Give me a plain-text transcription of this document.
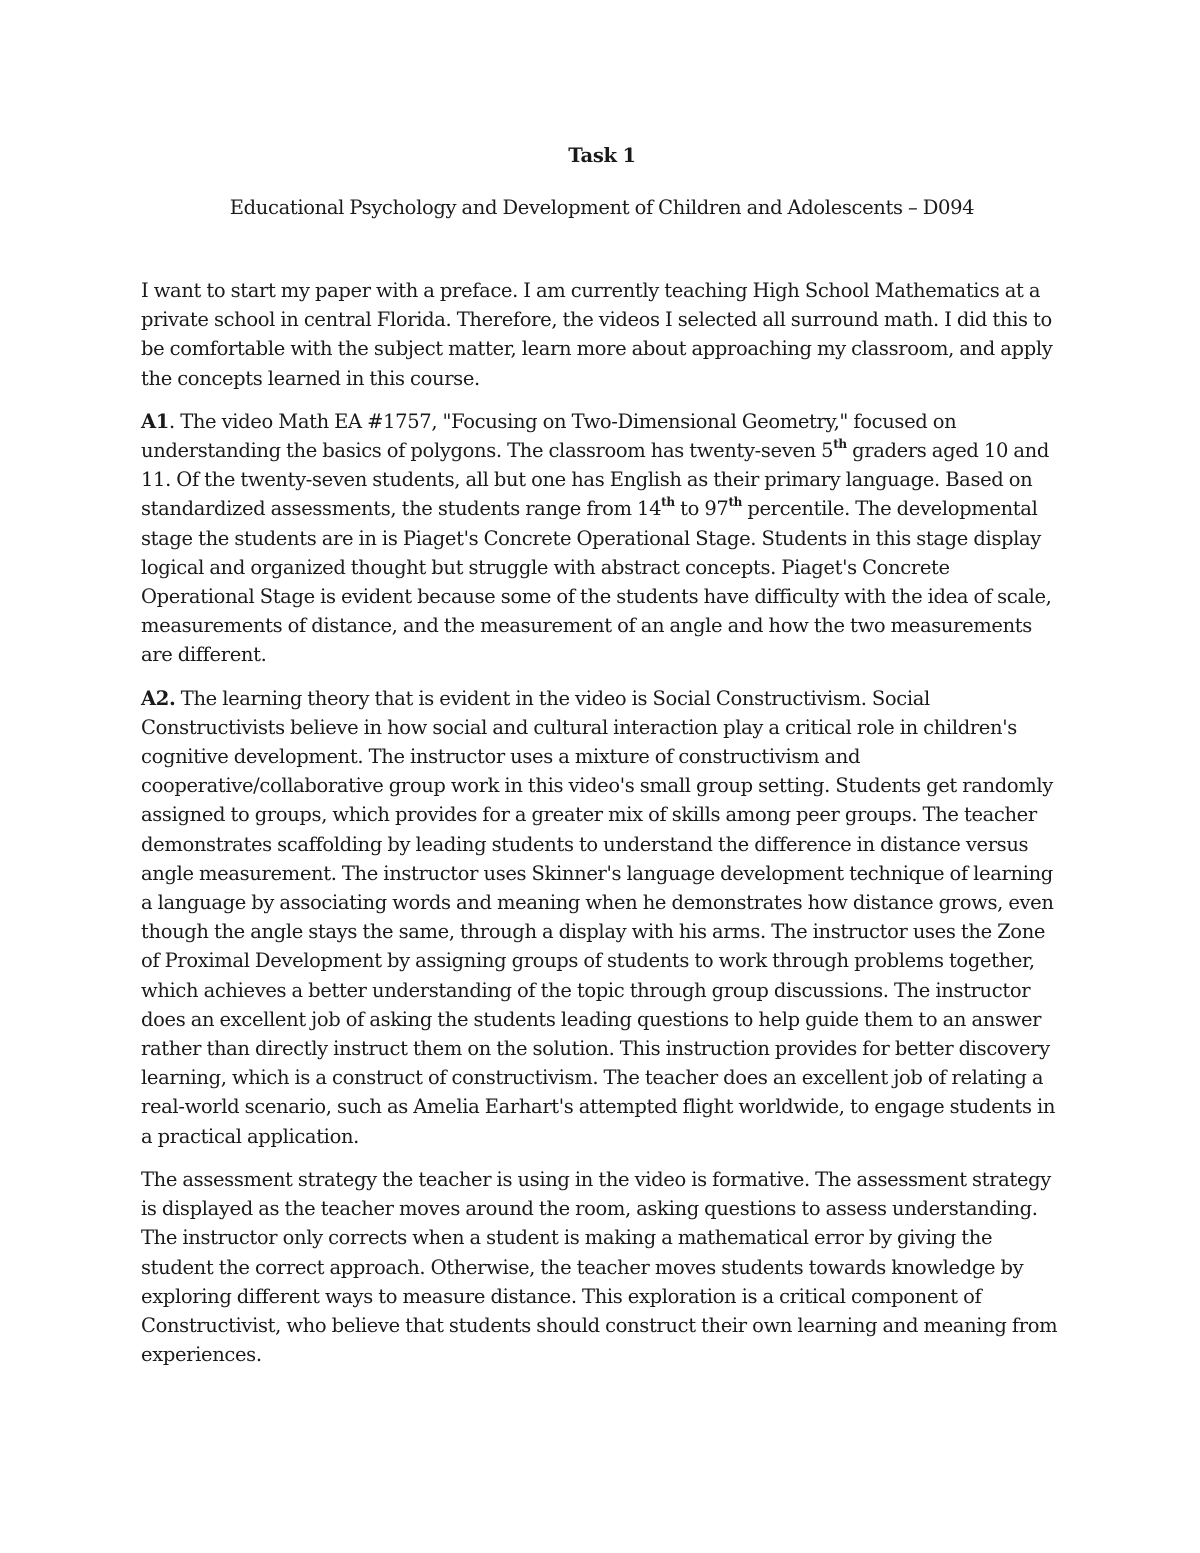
Task 1
Educational Psychology and Development of Children and Adolescents – D094

I want to start my paper with a preface. I am currently teaching High School Mathematics at a private school in central Florida. Therefore, the videos I selected all surround math. I did this to be comfortable with the subject matter, learn more about approaching my classroom, and apply the concepts learned in this course.

A1. The video Math EA #1757, "Focusing on Two-Dimensional Geometry," focused on understanding the basics of polygons. The classroom has twenty-seven 5th graders aged 10 and 11. Of the twenty-seven students, all but one has English as their primary language. Based on standardized assessments, the students range from 14th to 97th percentile. The developmental stage the students are in is Piaget's Concrete Operational Stage. Students in this stage display logical and organized thought but struggle with abstract concepts. Piaget's Concrete Operational Stage is evident because some of the students have difficulty with the idea of scale, measurements of distance, and the measurement of an angle and how the two measurements are different.

A2. The learning theory that is evident in the video is Social Constructivism. Social Constructivists believe in how social and cultural interaction play a critical role in children's cognitive development. The instructor uses a mixture of constructivism and cooperative/collaborative group work in this video's small group setting. Students get randomly assigned to groups, which provides for a greater mix of skills among peer groups. The teacher demonstrates scaffolding by leading students to understand the difference in distance versus angle measurement. The instructor uses Skinner's language development technique of learning a language by associating words and meaning when he demonstrates how distance grows, even though the angle stays the same, through a display with his arms. The instructor uses the Zone of Proximal Development by assigning groups of students to work through problems together, which achieves a better understanding of the topic through group discussions. The instructor does an excellent job of asking the students leading questions to help guide them to an answer rather than directly instruct them on the solution. This instruction provides for better discovery learning, which is a construct of constructivism. The teacher does an excellent job of relating a real-world scenario, such as Amelia Earhart's attempted flight worldwide, to engage students in a practical application.

The assessment strategy the teacher is using in the video is formative. The assessment strategy is displayed as the teacher moves around the room, asking questions to assess understanding. The instructor only corrects when a student is making a mathematical error by giving the student the correct approach. Otherwise, the teacher moves students towards knowledge by exploring different ways to measure distance. This exploration is a critical component of Constructivist, who believe that students should construct their own learning and meaning from experiences.
